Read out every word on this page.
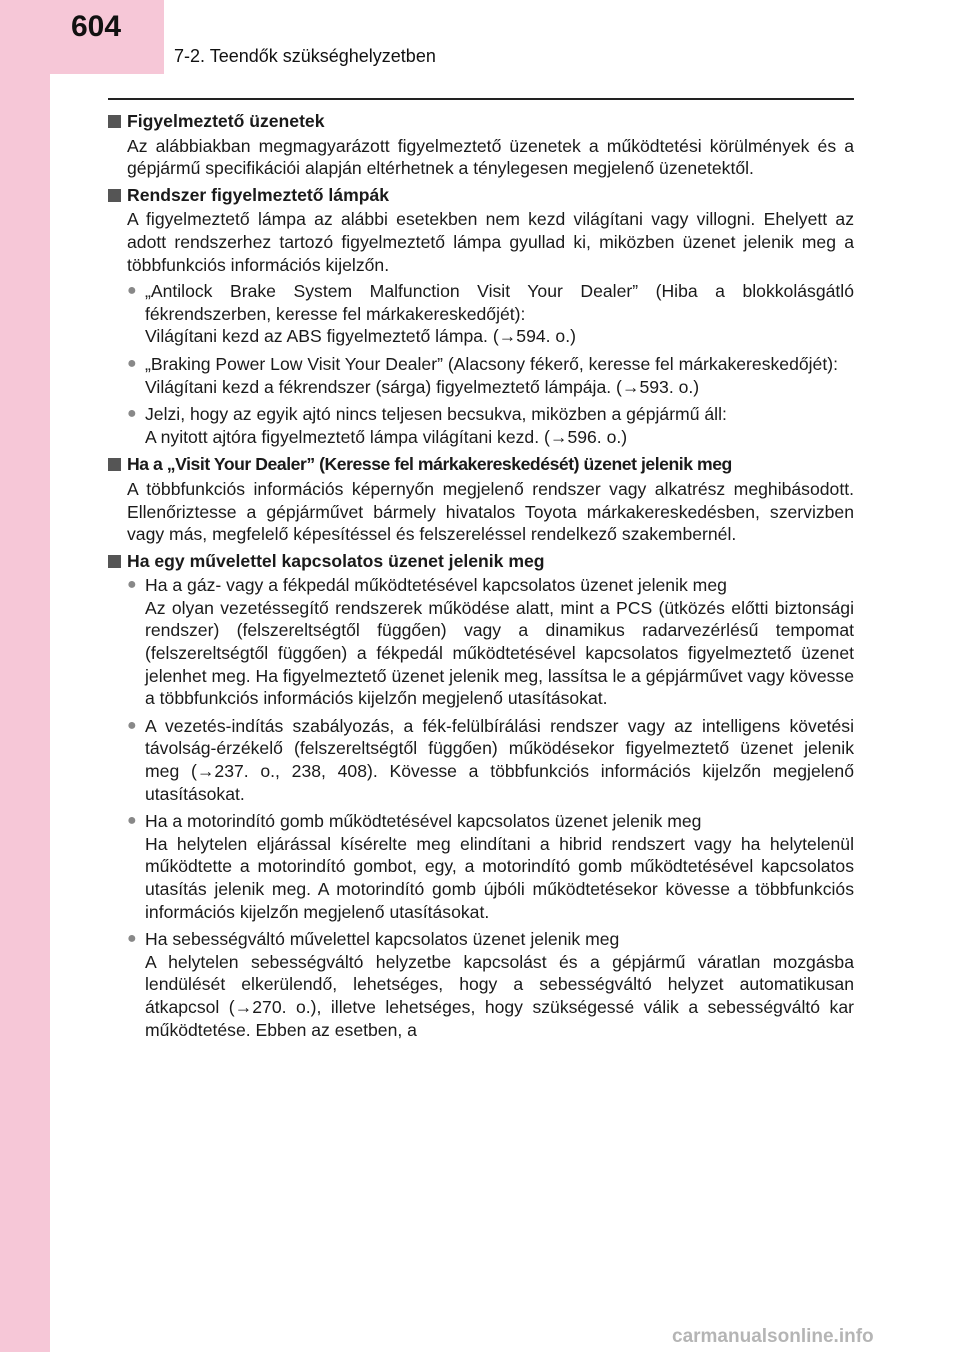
604
7-2. Teendők szükséghelyzetben
Figyelmeztető üzenetek
Az alábbiakban megmagyarázott figyelmeztető üzenetek a működtetési körülmények és a gépjármű specifikációi alapján eltérhetnek a ténylegesen megjelenő üzenetektől.
Rendszer figyelmeztető lámpák
A figyelmeztető lámpa az alábbi esetekben nem kezd világítani vagy villogni. Ehelyett az adott rendszerhez tartozó figyelmeztető lámpa gyullad ki, miközben üzenet jelenik meg a többfunkciós információs kijelzőn.
● „Antilock Brake System Malfunction Visit Your Dealer” (Hiba a blokkolásgátló fékrendszerben, keresse fel márkakereskedőjét):
Világítani kezd az ABS figyelmeztető lámpa. (→594. o.)
● „Braking Power Low Visit Your Dealer” (Alacsony fékerő, keresse fel márkakereskedőjét):
Világítani kezd a fékrendszer (sárga) figyelmeztető lámpája. (→593. o.)
● Jelzi, hogy az egyik ajtó nincs teljesen becsukva, miközben a gépjármű áll:
A nyitott ajtóra figyelmeztető lámpa világítani kezd. (→596. o.)
Ha a „Visit Your Dealer” (Keresse fel márkakereskedését) üzenet jelenik meg
A többfunkciós információs képernyőn megjelenő rendszer vagy alkatrész meghibásodott. Ellenőriztesse a gépjárművet bármely hivatalos Toyota márkakereskedésben, szervizben vagy más, megfelelő képesítéssel és felszereléssel rendelkező szakembernél.
Ha egy művelettel kapcsolatos üzenet jelenik meg
● Ha a gáz- vagy a fékpedál működtetésével kapcsolatos üzenet jelenik meg
Az olyan vezetéssegítő rendszerek működése alatt, mint a PCS (ütközés előtti biztonsági rendszer) (felszereltségtől függően) vagy a dinamikus radarvezérlésű tempomat (felszereltségtől függően) a fékpedál működtetésével kapcsolatos figyelmeztető üzenet jelenhet meg. Ha figyelmeztető üzenet jelenik meg, lassítsa le a gépjárművet vagy kövesse a többfunkciós információs kijelzőn megjelenő utasításokat.
● A vezetés-indítás szabályozás, a fék-felülbírálási rendszer vagy az intelligens követési távolság-érzékelő (felszereltségtől függően) működésekor figyelmeztető üzenet jelenik meg (→237. o., 238, 408). Kövesse a többfunkciós információs kijelzőn megjelenő utasításokat.
● Ha a motorindító gomb működtetésével kapcsolatos üzenet jelenik meg
Ha helytelen eljárással kísérelte meg elindítani a hibrid rendszert vagy ha helytelenül működtette a motorindító gombot, egy, a motorindító gomb működtetésével kapcsolatos utasítás jelenik meg. A motorindító gomb újbóli működtetésekor kövesse a többfunkciós információs kijelzőn megjelenő utasításokat.
● Ha sebességváltó művelettel kapcsolatos üzenet jelenik meg
A helytelen sebességváltó helyzetbe kapcsolást és a gépjármű váratlan mozgásba lendülését elkerülendő, lehetséges, hogy a sebességváltó helyzet automatikusan átkapcsol (→270. o.), illetve lehetséges, hogy szükségessé válik a sebességváltó kar működtetése. Ebben az esetben, a
carmanualsonline.info
